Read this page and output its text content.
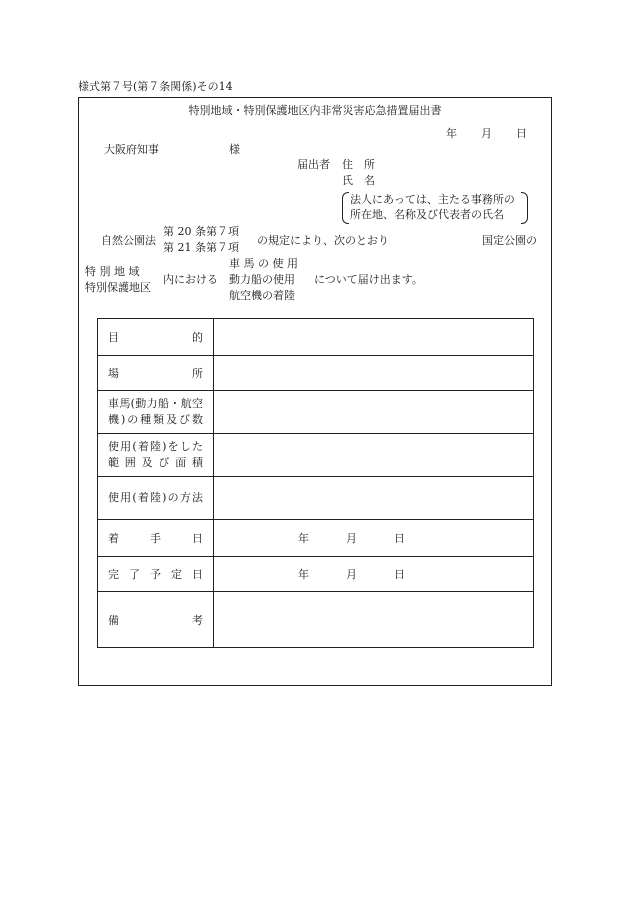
様式第７号(第７条関係)その14
特別地域・特別保護地区内非常災害応急措置届出書
年 月 日
大阪府知事	様
届出者 住　所
氏　名
法人にあっては、主たる事務所の
所在地、名称及び代表者の氏名
自然公園法
第 20 条第７項
第 21 条第７項
の規定により、次のとおり	国定公園の
特 別 地 域
特別保護地区
内における
車 馬 の 使 用
動力船の使用
航空機の着陸
について届け出ます。
目 的	

場 所	

車馬(動力船・航空
機)の種類及び数	

使用(着陸)をした
範囲及び面積	

使用(着陸)の方法	

着 手 日	年 月 日

完 了 予 定 日	年 月 日

備 考	
